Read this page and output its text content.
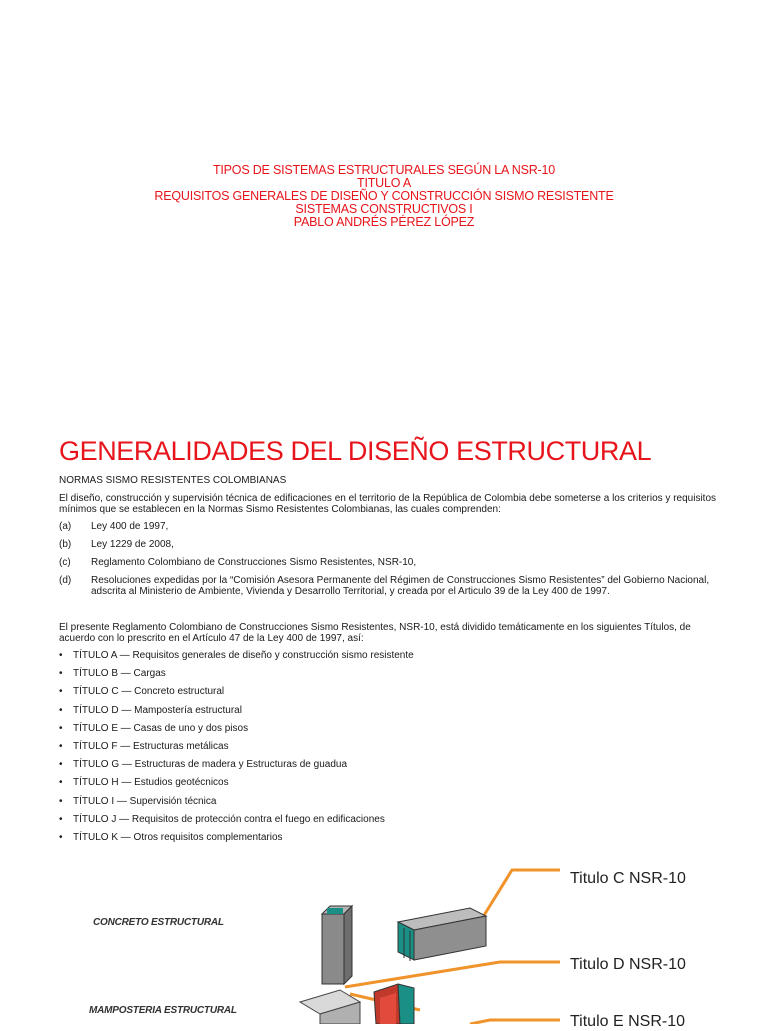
TIPOS DE SISTEMAS ESTRUCTURALES SEGÚN LA NSR-10
TITULO A
REQUISITOS GENERALES DE DISEÑO Y CONSTRUCCIÓN SISMO RESISTENTE
SISTEMAS CONSTRUCTIVOS I
PABLO ANDRÉS PÉREZ LÓPEZ
GENERALIDADES DEL DISEÑO ESTRUCTURAL
NORMAS SISMO RESISTENTES COLOMBIANAS
El diseño, construcción y supervisión técnica de edificaciones en el territorio de la República de Colombia debe someterse a los criterios y requisitos mínimos que se establecen en la Normas Sismo Resistentes Colombianas, las cuales comprenden:
(a)	Ley 400 de 1997,
(b)	Ley 1229 de 2008,
(c)	Reglamento Colombiano de Construcciones Sismo Resistentes, NSR-10,
(d)	Resoluciones expedidas por la “Comisión Asesora Permanente del Régimen de Construcciones Sismo Resistentes” del Gobierno Nacional, adscrita al Ministerio de Ambiente, Vivienda y Desarrollo Territorial, y creada por el Articulo 39 de la Ley 400 de 1997.
El presente Reglamento Colombiano de Construcciones Sismo Resistentes, NSR-10, está dividido temáticamente en los siguientes Títulos, de acuerdo con lo prescrito en el Artículo 47 de la Ley 400 de 1997, así:
•	TÍTULO A — Requisitos generales de diseño y construcción sismo resistente
•	TÍTULO B — Cargas
•	TÍTULO C — Concreto estructural
•	TÍTULO D — Mampostería estructural
•	TÍTULO E — Casas de uno y dos pisos
•	TÍTULO F — Estructuras metálicas
•	TÍTULO G — Estructuras de madera y Estructuras de guadua
•	TÍTULO H — Estudios geotécnicos
•	TÍTULO I — Supervisión técnica
•	TÍTULO J — Requisitos de protección contra el fuego en edificaciones
•	TÍTULO K — Otros requisitos complementarios
CONCRETO ESTRUCTURAL
MAMPOSTERIA ESTRUCTURAL
Titulo C NSR-10
Titulo D NSR-10
Titulo E NSR-10
